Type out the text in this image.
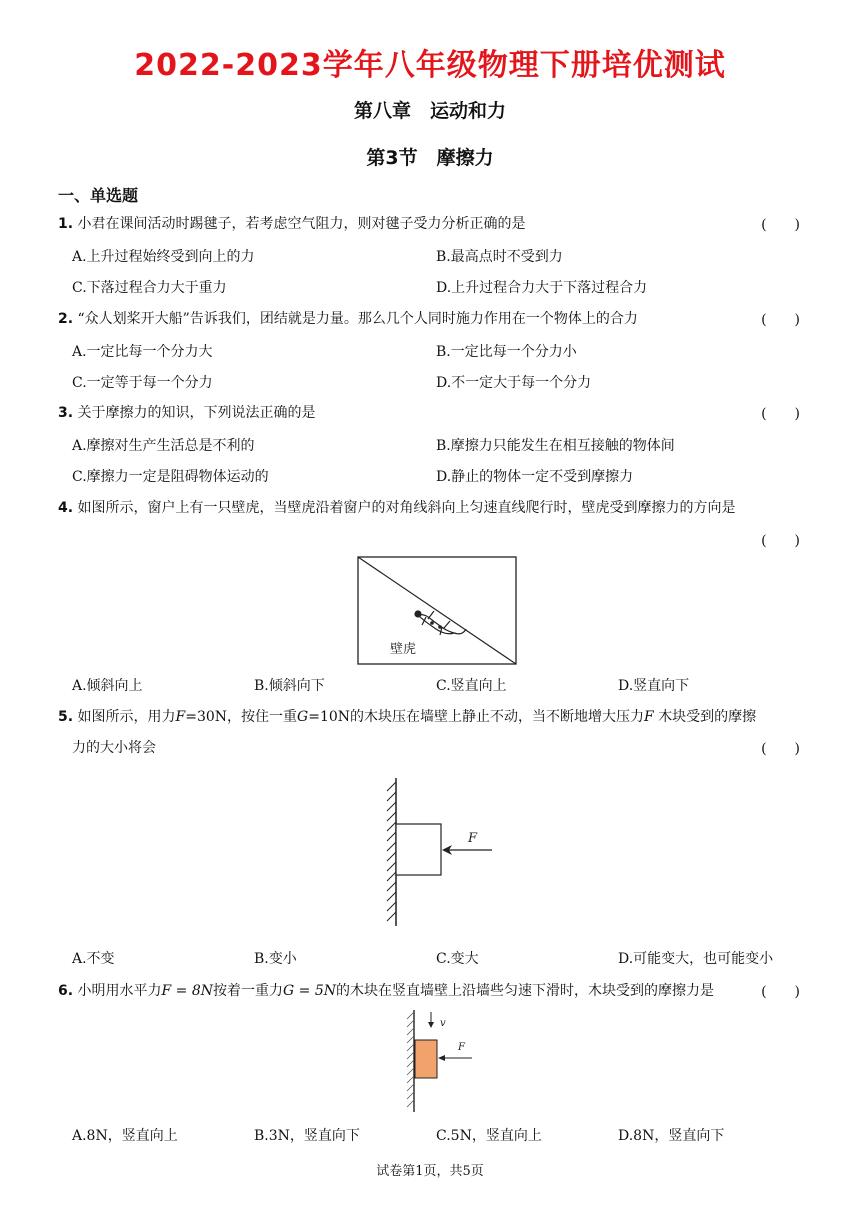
2022-2023学年八年级物理下册培优测试
第八章　运动和力
第3节　摩擦力
一、单选题
1. 小君在课间活动时踢毽子，若考虑空气阻力，则对毽子受力分析正确的是	(　　)
A.上升过程始终受到向上的力	B.最高点时不受到力
C.下落过程合力大于重力	D.上升过程合力大于下落过程合力
2. “众人划桨开大船”告诉我们，团结就是力量。那么几个人同时施力作用在一个物体上的合力	(　　)
A.一定比每一个分力大	B.一定比每一个分力小
C.一定等于每一个分力	D.不一定大于每一个分力
3. 关于摩擦力的知识，下列说法正确的是	(　　)
A.摩擦对生产生活总是不利的	B.摩擦力只能发生在相互接触的物体间
C.摩擦力一定是阻碍物体运动的	D.静止的物体一定不受到摩擦力
4. 如图所示，窗户上有一只壁虎，当壁虎沿着窗户的对角线斜向上匀速直线爬行时，壁虎受到摩擦力的方向是
(　　)
壁虎
A.倾斜向上	B.倾斜向下	C.竖直向上	D.竖直向下
5. 如图所示，用力F=30N，按住一重G=10N的木块压在墙壁上静止不动，当不断地增大压力F 木块受到的摩擦
力的大小将会	(　　)
F
A.不变	B.变小	C.变大	D.可能变大，也可能变小
6. 小明用水平力F = 8N按着一重力G = 5N的木块在竖直墙壁上沿墙些匀速下滑时，木块受到的摩擦力是	(　　)
v
F
A.8N，竖直向上	B.3N，竖直向下	C.5N，竖直向上	D.8N，竖直向下
试卷第1页，共5页
